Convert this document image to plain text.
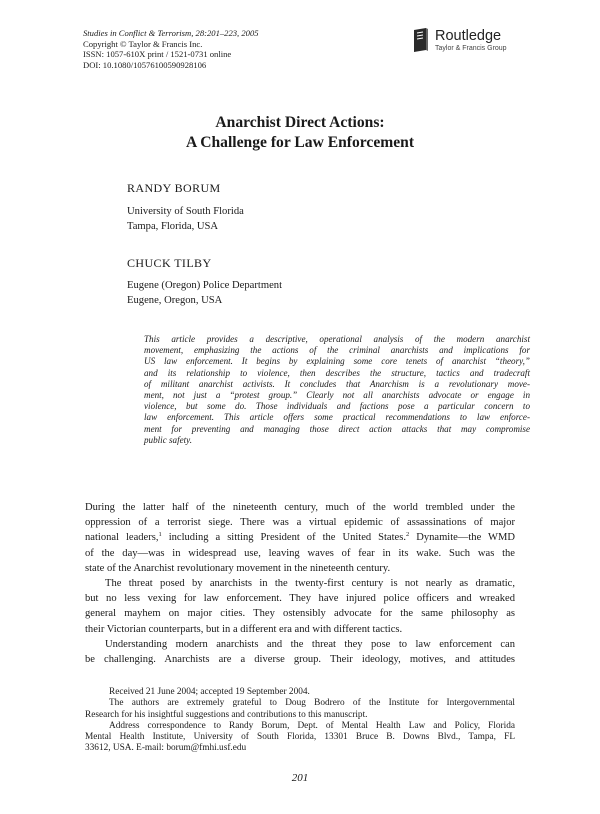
Studies in Conflict & Terrorism, 28:201–223, 2005
Copyright © Taylor & Francis Inc.
ISSN: 1057-610X print / 1521-0731 online
DOI: 10.1080/10576100590928106
Routledge
Taylor & Francis Group
Anarchist Direct Actions:
A Challenge for Law Enforcement
RANDY BORUM
University of South Florida
Tampa, Florida, USA
CHUCK TILBY
Eugene (Oregon) Police Department
Eugene, Oregon, USA
This article provides a descriptive, operational analysis of the modern anarchist
movement, emphasizing the actions of the criminal anarchists and implications for
US law enforcement. It begins by explaining some core tenets of anarchist “theory,”
and its relationship to violence, then describes the structure, tactics and tradecraft
of militant anarchist activists. It concludes that Anarchism is a revolutionary move-
ment, not just a “protest group.” Clearly not all anarchists advocate or engage in
violence, but some do. Those individuals and factions pose a particular concern to
law enforcement. This article offers some practical recommendations to law enforce-
ment for preventing and managing those direct action attacks that may compromise
public safety.
During the latter half of the nineteenth century, much of the world trembled under the
oppression of a terrorist siege. There was a virtual epidemic of assassinations of major
national leaders,$^1$ including a sitting President of the United States.$^2$ Dynamite—the WMD
of the day—was in widespread use, leaving waves of fear in its wake. Such was the
state of the Anarchist revolutionary movement in the nineteenth century.
The threat posed by anarchists in the twenty-first century is not nearly as dramatic,
but no less vexing for law enforcement. They have injured police officers and wreaked
general mayhem on major cities. They ostensibly advocate for the same philosophy as
their Victorian counterparts, but in a different era and with different tactics.
Understanding modern anarchists and the threat they pose to law enforcement can
be challenging. Anarchists are a diverse group. Their ideology, motives, and attitudes
Received 21 June 2004; accepted 19 September 2004.
The authors are extremely grateful to Doug Bodrero of the Institute for Intergovernmental
Research for his insightful suggestions and contributions to this manuscript.
Address correspondence to Randy Borum, Dept. of Mental Health Law and Policy, Florida
Mental Health Institute, University of South Florida, 13301 Bruce B. Downs Blvd., Tampa, FL
33612, USA. E-mail: borum@fmhi.usf.edu
201
